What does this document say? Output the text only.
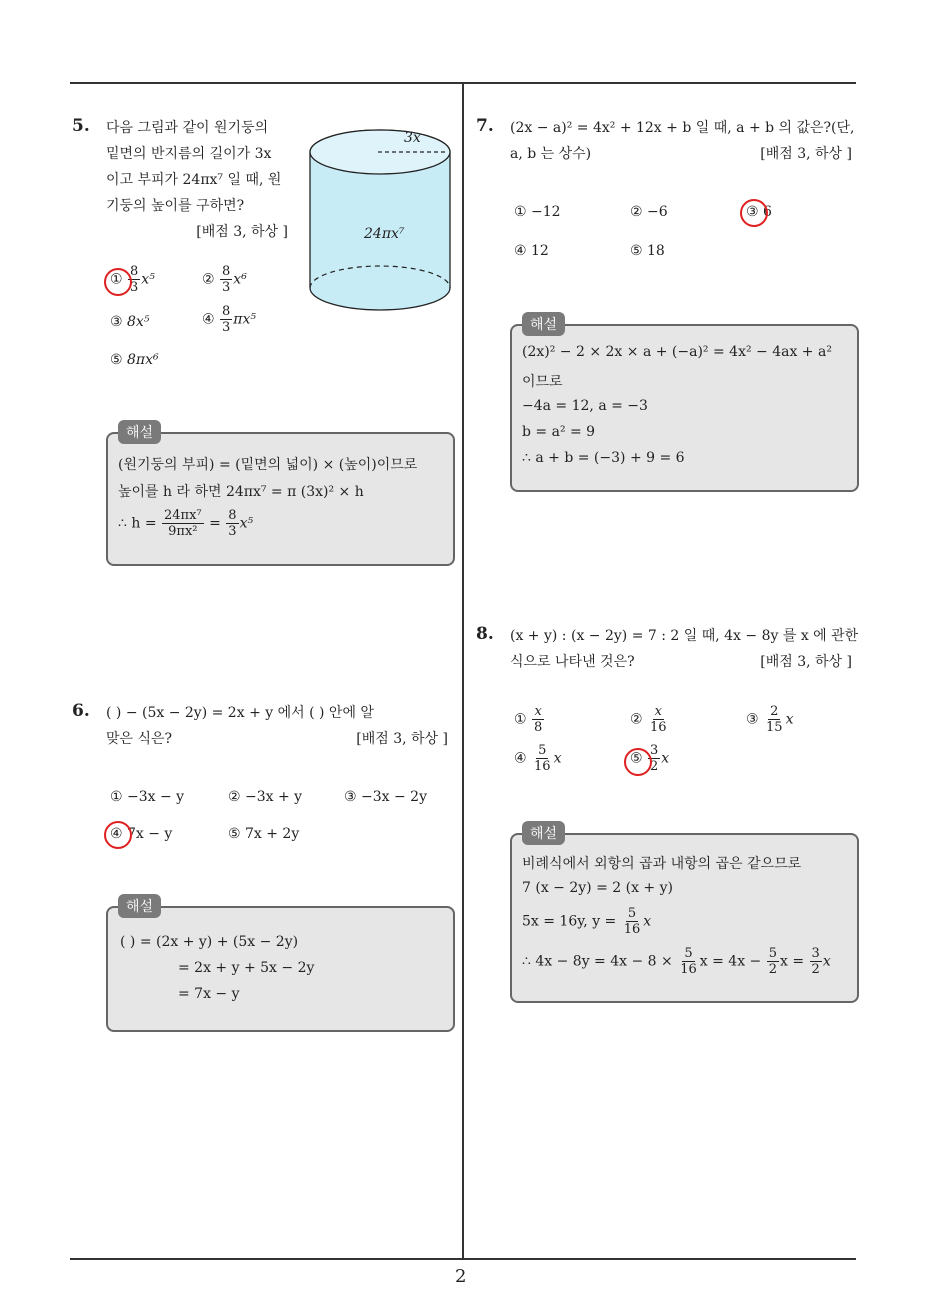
2
5. 다음 그림과 같이 원기둥의
밑면의 반지름의 길이가 3x
이고 부피가 24πx⁷ 일 때, 원
기둥의 높이를 구하면?
[배점 3, 하상 ]
3x
24πx⁷
① $\frac{8}{3} x^5$	② $\frac{8}{3} x^6$
③ 8x⁵	④ $\frac{8}{3} \pi x^5$
⑤ 8πx⁶
해설
(원기둥의 부피) = (밑면의 넓이) × (높이)이므로
높이를 h 라 하면 24πx⁷ = π (3x)² × h
∴ $h = \frac{\text{24πx⁷}}{\text{9πx²}} = \frac{8}{3} x^5$
6. ( ) − (5x − 2y) = 2x + y 에서 ( ) 안에 알
맞은 식은?	[배점 3, 하상 ]
① −3x − y	② −3x + y	③ −3x − 2y
④ 7x − y	⑤ 7x + 2y
해설
( ) = (2x + y) + (5x − 2y)
= 2x + y + 5x − 2y
= 7x − y
7. (2x − a)² = 4x² + 12x + b 일 때, a + b 의 값은?(단,
a, b 는 상수)	[배점 3, 하상 ]
① −12	② −6	③ 6
④ 12	⑤ 18
해설
(2x)² − 2 × 2x × a + (−a)² = 4x² − 4ax + a²
이므로
−4a = 12, a = −3
b = a² = 9
∴ a + b = (−3) + 9 = 6
8. (x + y) : (x − 2y) = 7 : 2 일 때, 4x − 8y 를 x 에 관한
식으로 나타낸 것은?	[배점 3, 하상 ]
① $\frac{x}{8}$	② $\frac{x}{16}$	③ $\frac{2}{15}$ x
④ $\frac{5}{16}$ x	⑤ $\frac{3}{2}$ x
해설
비례식에서 외항의 곱과 내항의 곱은 같으므로
7 (x − 2y) = 2 (x + y)
5x = 16y, $y = \frac{5}{16}$ x
∴ $4x - 8y = 4x - 8 \times \frac{5}{16}$ $x = 4x - \frac{5}{2}$ $x = \frac{3}{2}$ x
